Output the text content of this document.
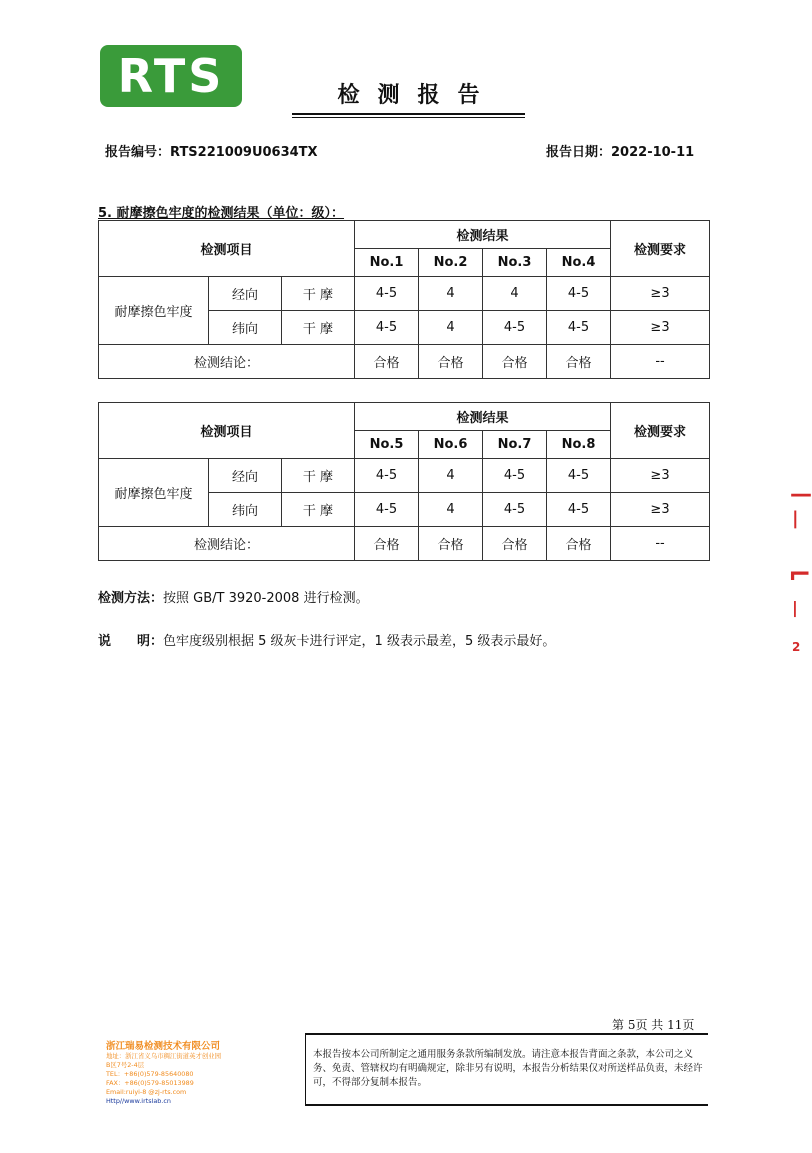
RTS	检测报告
报告编号：RTS221009U0634TX	报告日期：2022-10-11
5. 耐摩擦色牢度的检测结果（单位：级）：
检测项目			检测结果				检测要求
			No.1	No.2	No.3	No.4	
耐摩擦色牢度	经向	干 摩	4-5	4	4	4-5	≥3
	纬向	干 摩	4-5	4	4-5	4-5	≥3
检测结论：			合格	合格	合格	合格	--
检测项目			检测结果				检测要求
			No.5	No.6	No.7	No.8	
耐摩擦色牢度	经向	干 摩	4-5	4	4-5	4-5	≥3
	纬向	干 摩	4-5	4	4-5	4-5	≥3
检测结论：			合格	合格	合格	合格	--
检测方法：按照 GB/T 3920-2008 进行检测。
说　　明：色牢度级别根据 5 级灰卡进行评定，1 级表示最差，5 级表示最好。
—
|
⌐
|
2
第 5页 共 11页
本报告按本公司所制定之通用服务条款所编制发放。请注意本报告背面之条款，本公司之义务、免责、管辖权均有明确规定，除非另有说明，本报告分析结果仅对所送样品负责，未经许可，不得部分复制本报告。
浙江瑞易检测技术有限公司
地址：浙江省义乌市稠江街道英才创业园
B区7号2-4层
TEL：+86(0)579-85640080
FAX：+86(0)579-85013989
Email:ruiyi-8 @zj-rts.com
Http//www.irtslab.cn
